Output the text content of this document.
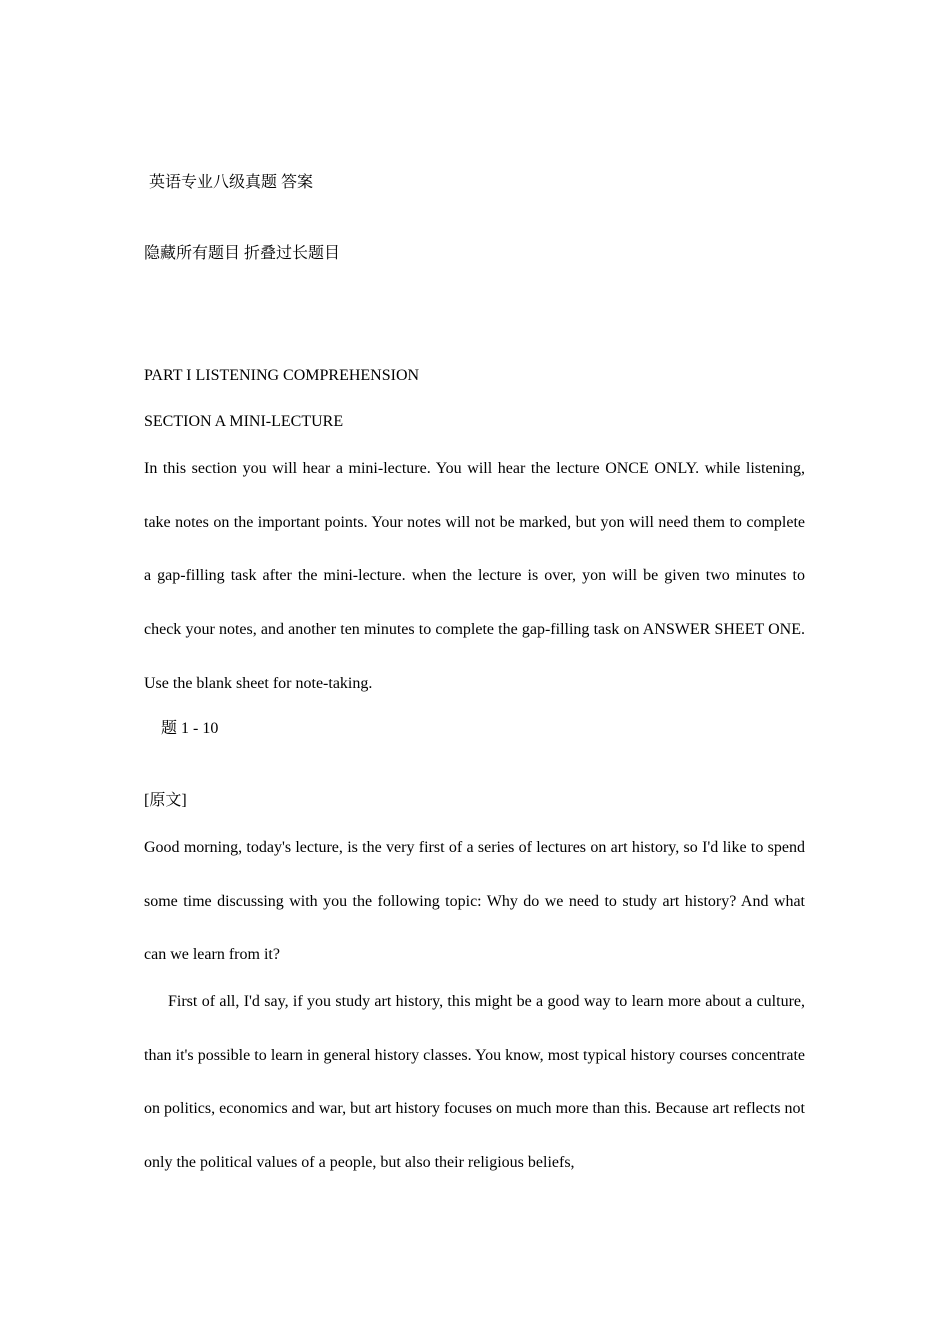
英语专业八级真题 答案
隐藏所有题目 折叠过长题目
PART I LISTENING COMPREHENSION
SECTION A MINI-LECTURE

In this section you will hear a mini-lecture. You will hear the lecture ONCE ONLY. while listening, take notes on the important points. Your notes will not be marked, but yon will need them to complete a gap-filling task after the mini-lecture. when the lecture is over, yon will be given two minutes to check your notes, and another ten minutes to complete the gap-filling task on ANSWER SHEET ONE. Use the blank sheet for note-taking.

题 1 - 10
[原文]

Good morning, today's lecture, is the very first of a series of lectures on art history, so I'd like to spend some time discussing with you the following topic: Why do we need to study art history? And what can we learn from it?

First of all, I'd say, if you study art history, this might be a good way to learn more about a culture, than it's possible to learn in general history classes. You know, most typical history courses concentrate on politics, economics and war, but art history focuses on much more than this. Because art reflects not only the political values of a people, but also their religious beliefs,
